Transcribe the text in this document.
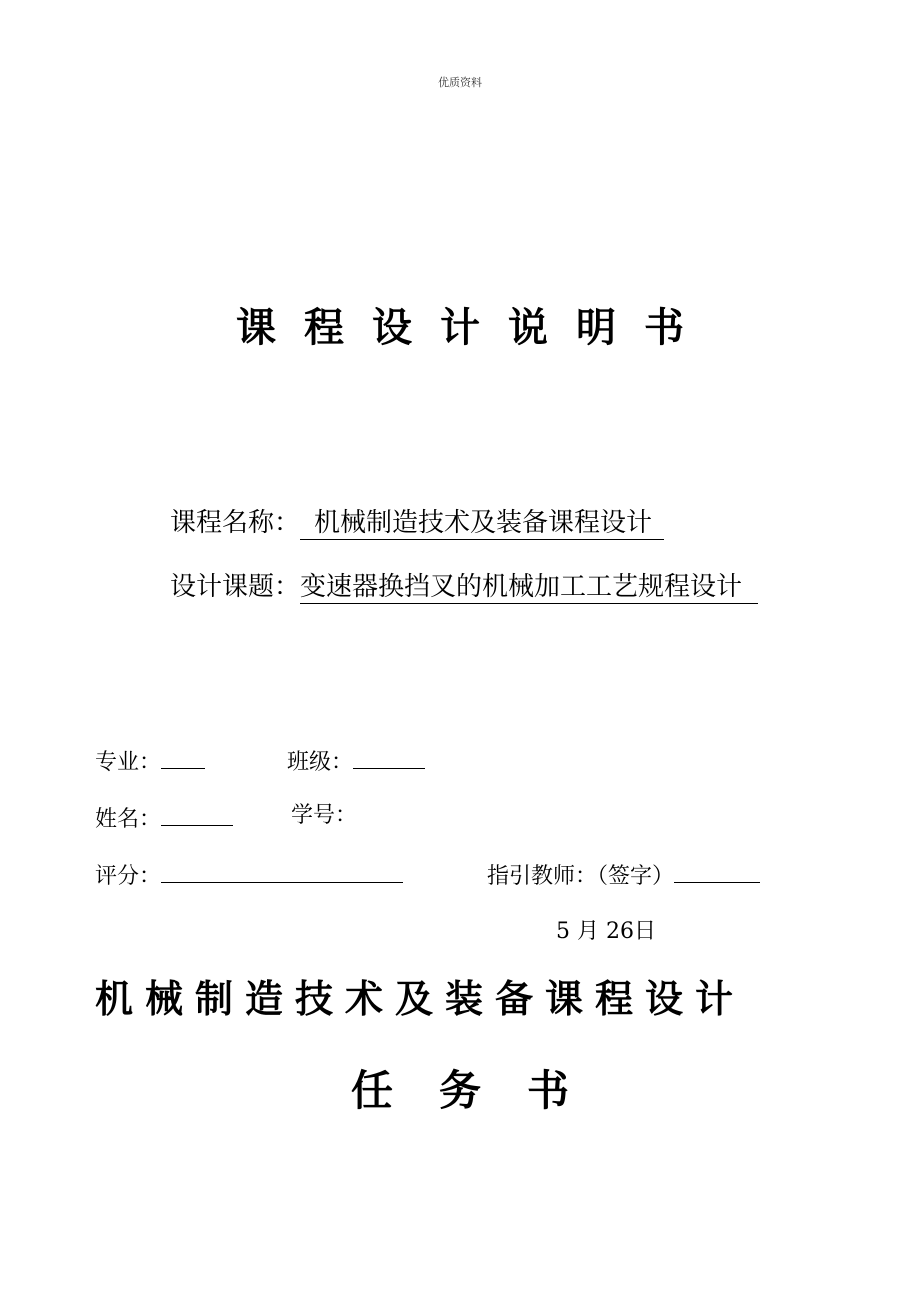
优质资料
课程设计说明书
课程名称： 机械制造技术及装备课程设计
设计课题：变速器换挡叉的机械加工工艺规程设计
专业：	班级：
姓名：	学号：
评分：	指引教师：（签字）
5 月 26日
机械制造技术及装备课程设计
任务书
